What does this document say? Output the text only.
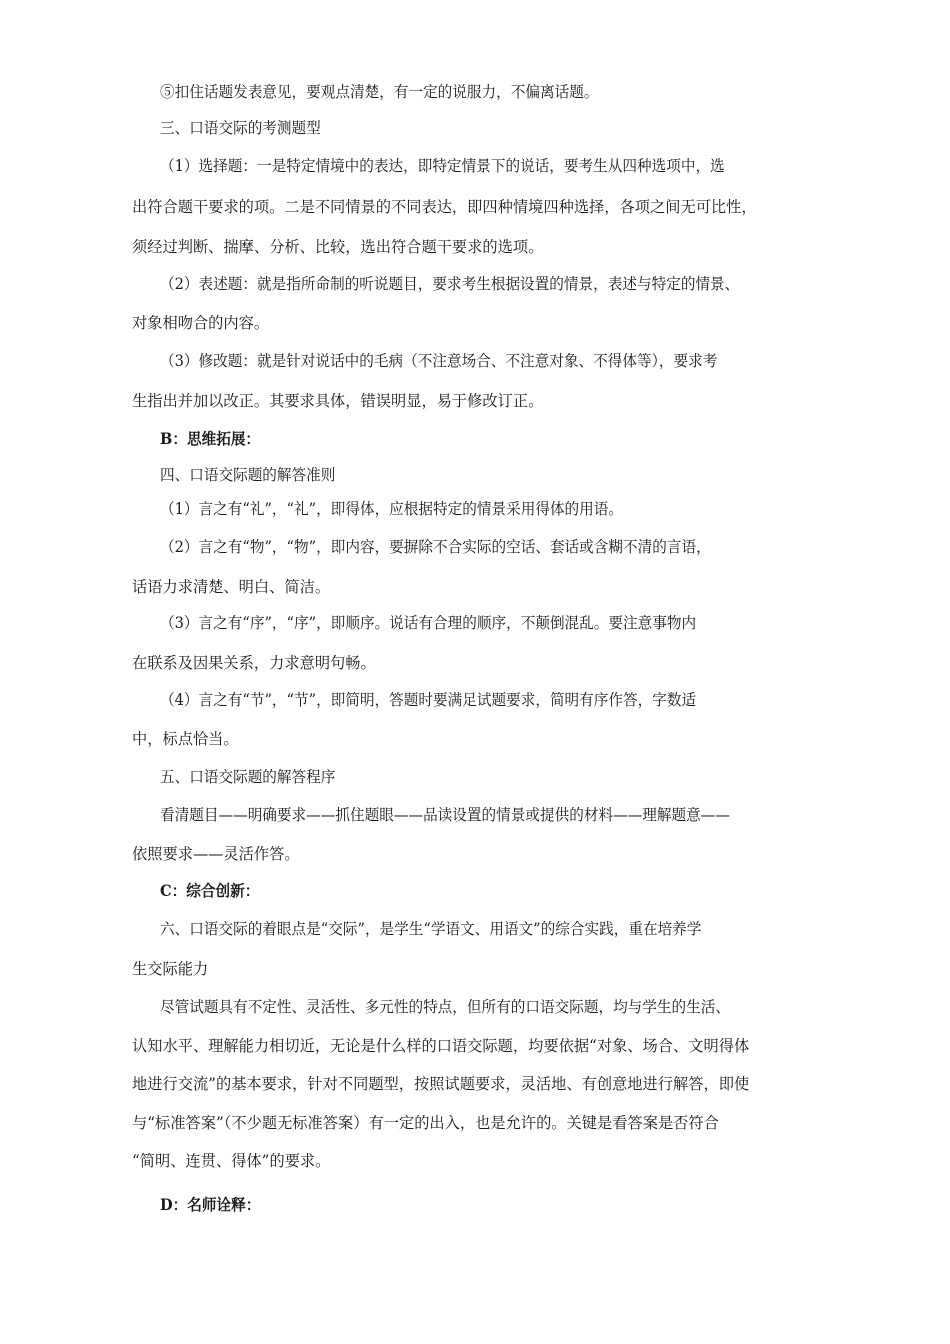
⑤扣住话题发表意见，要观点清楚，有一定的说服力，不偏离话题。
三、口语交际的考测题型
（1）选择题：一是特定情境中的表达，即特定情景下的说话，要考生从四种选项中，选
出符合题干要求的项。二是不同情景的不同表达，即四种情境四种选择，各项之间无可比性，
须经过判断、揣摩、分析、比较，选出符合题干要求的选项。
（2）表述题：就是指所命制的听说题目，要求考生根据设置的情景，表述与特定的情景、
对象相吻合的内容。
（3）修改题：就是针对说话中的毛病（不注意场合、不注意对象、不得体等），要求考
生指出并加以改正。其要求具体，错误明显，易于修改订正。
B：思维拓展：
四、口语交际题的解答准则
（1）言之有“礼”，“礼”，即得体，应根据特定的情景采用得体的用语。
（2）言之有“物”，“物”，即内容，要摒除不合实际的空话、套话或含糊不清的言语，
话语力求清楚、明白、简洁。
（3）言之有“序”，“序”，即顺序。说话有合理的顺序，不颠倒混乱。要注意事物内
在联系及因果关系，力求意明句畅。
（4）言之有“节”，“节”，即简明，答题时要满足试题要求，简明有序作答，字数适
中，标点恰当。
五、口语交际题的解答程序
看清题目——明确要求——抓住题眼——品读设置的情景或提供的材料——理解题意——
依照要求——灵活作答。
C：综合创新：
六、口语交际的着眼点是“交际”，是学生“学语文、用语文”的综合实践，重在培养学
生交际能力
尽管试题具有不定性、灵活性、多元性的特点，但所有的口语交际题，均与学生的生活、
认知水平、理解能力相切近，无论是什么样的口语交际题，均要依据“对象、场合、文明得体
地进行交流”的基本要求，针对不同题型，按照试题要求，灵活地、有创意地进行解答，即使
与“标准答案”（不少题无标准答案）有一定的出入，也是允许的。关键是看答案是否符合
“简明、连贯、得体”的要求。
D：名师诠释：
